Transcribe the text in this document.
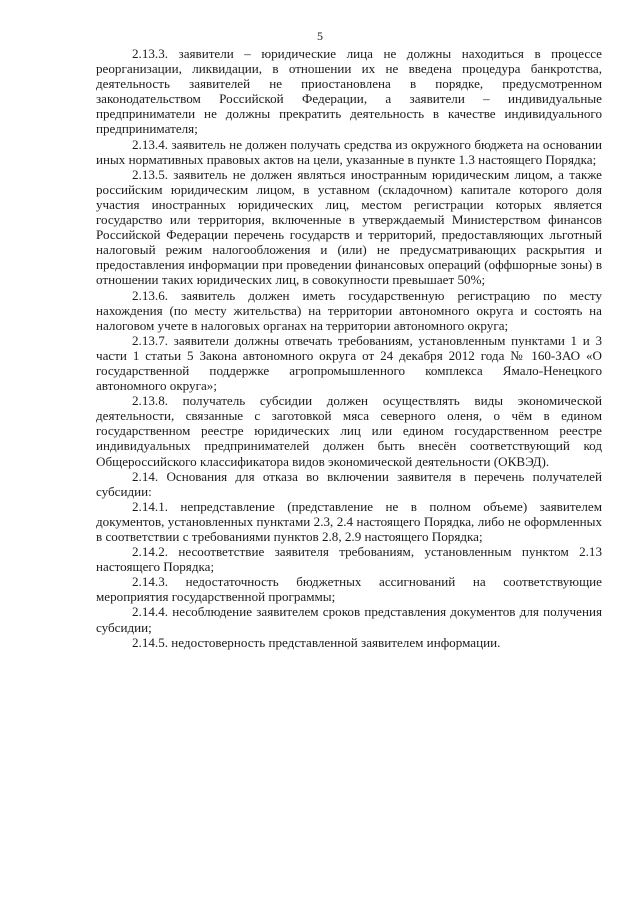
5

2.13.3. заявители – юридические лица не должны находиться в процессе реорганизации, ликвидации, в отношении их не введена процедура банкротства, деятельность заявителей не приостановлена в порядке, предусмотренном законодательством Российской Федерации, а заявители – индивидуальные предприниматели не должны прекратить деятельность в качестве индивидуального предпринимателя;

2.13.4. заявитель не должен получать средства из окружного бюджета на основании иных нормативных правовых актов на цели, указанные в пункте 1.3 настоящего Порядка;

2.13.5. заявитель не должен являться иностранным юридическим лицом, а также российским юридическим лицом, в уставном (складочном) капитале которого доля участия иностранных юридических лиц, местом регистрации которых является государство или территория, включенные в утверждаемый Министерством финансов Российской Федерации перечень государств и территорий, предоставляющих льготный налоговый режим налогообложения и (или) не предусматривающих раскрытия и предоставления информации при проведении финансовых операций (оффшорные зоны) в отношении таких юридических лиц, в совокупности превышает 50%;

2.13.6. заявитель должен иметь государственную регистрацию по месту нахождения (по месту жительства) на территории автономного округа и состоять на налоговом учете в налоговых органах на территории автономного округа;

2.13.7. заявители должны отвечать требованиям, установленным пунктами 1 и 3 части 1 статьи 5 Закона автономного округа от 24 декабря 2012 года № 160-ЗАО «О государственной поддержке агропромышленного комплекса Ямало-Ненецкого автономного округа»;

2.13.8. получатель субсидии должен осуществлять виды экономической деятельности, связанные с заготовкой мяса северного оленя, о чём в едином государственном реестре юридических лиц или едином государственном реестре индивидуальных предпринимателей должен быть внесён соответствующий код Общероссийского классификатора видов экономической деятельности (ОКВЭД).

2.14. Основания для отказа во включении заявителя в перечень получателей субсидии:

2.14.1. непредставление (представление не в полном объеме) заявителем документов, установленных пунктами 2.3, 2.4 настоящего Порядка, либо не оформленных в соответствии с требованиями пунктов 2.8, 2.9 настоящего Порядка;

2.14.2. несоответствие заявителя требованиям, установленным пунктом 2.13 настоящего Порядка;

2.14.3. недостаточность бюджетных ассигнований на соответствующие мероприятия государственной программы;

2.14.4. несоблюдение заявителем сроков представления документов для получения субсидии;

2.14.5. недостоверность представленной заявителем информации.
